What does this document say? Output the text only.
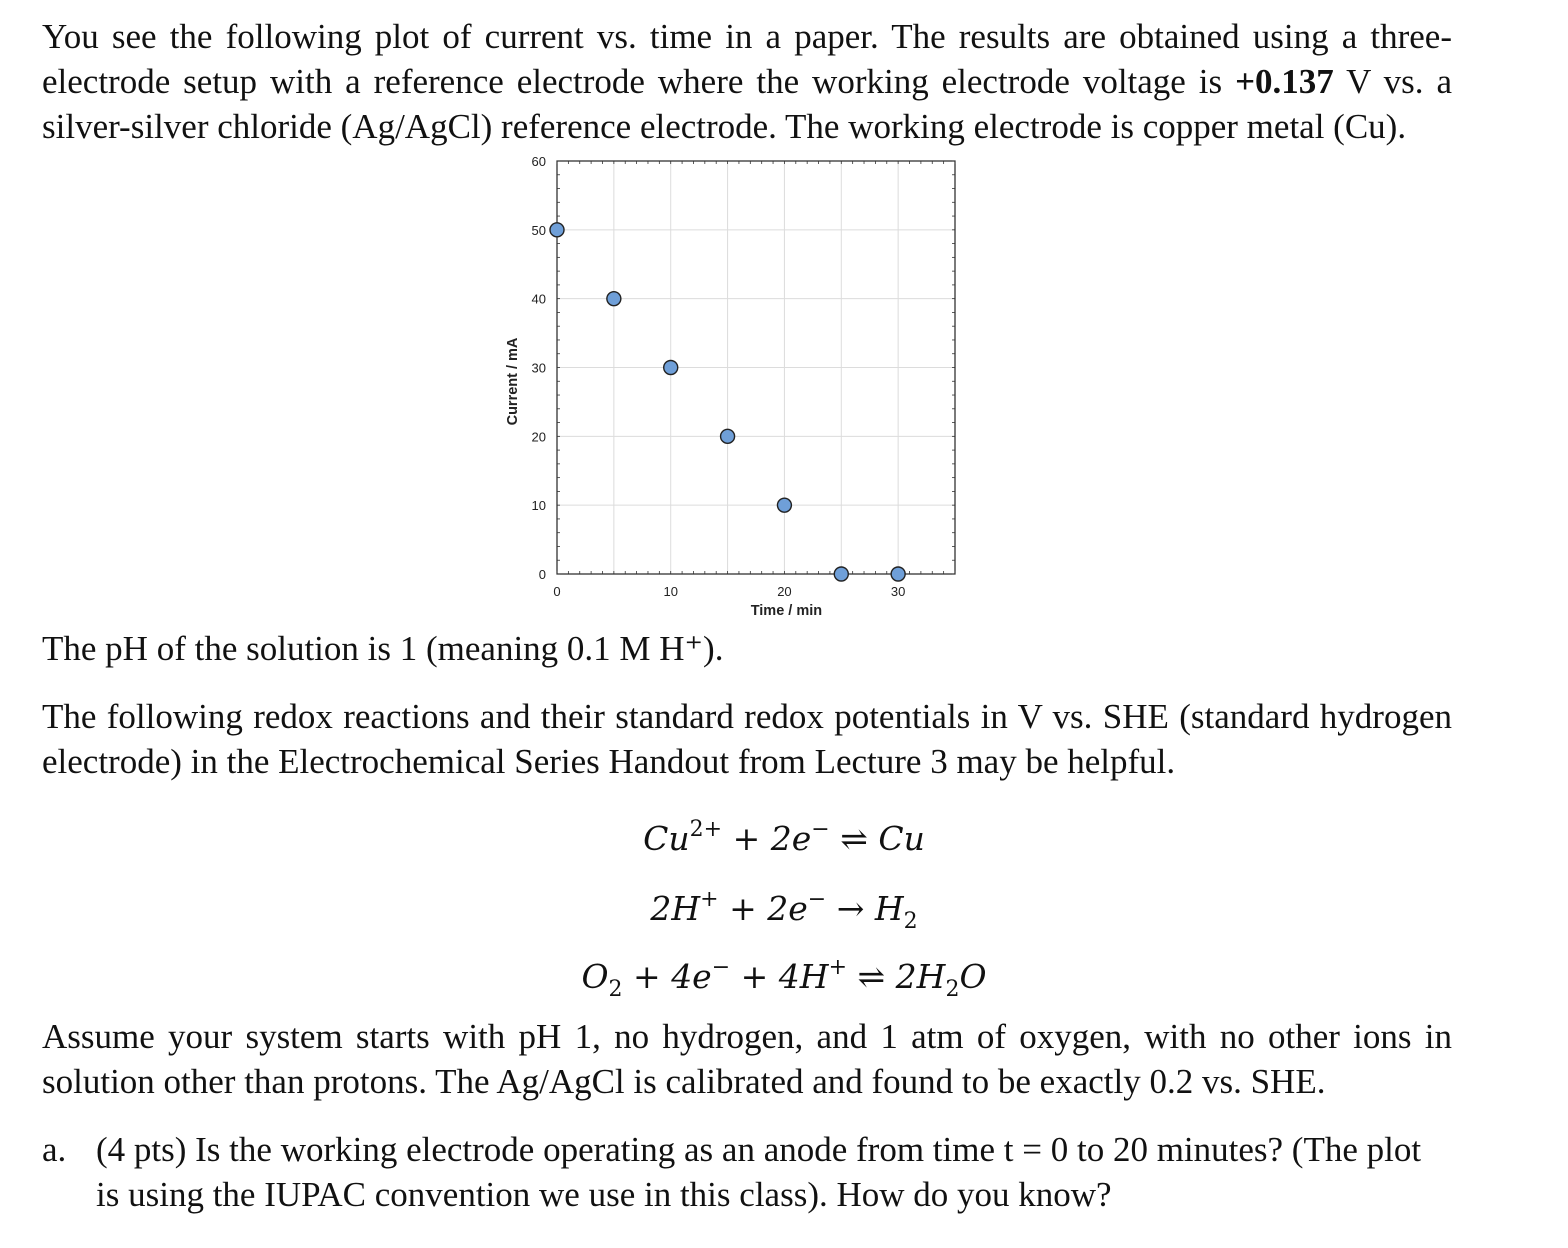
You see the following plot of current vs. time in a paper. The results are obtained using a three-electrode setup with a reference electrode where the working electrode voltage is +0.137 V vs. a silver-silver chloride (Ag/AgCl) reference electrode. The working electrode is copper metal (Cu).

0	10	20	30
0
10
20
30
40
50
60
Time / min
Current / mA

The pH of the solution is 1 (meaning 0.1 M H⁺).

The following redox reactions and their standard redox potentials in V vs. SHE (standard hydrogen electrode) in the Electrochemical Series Handout from Lecture 3 may be helpful.

$Cu^{2+} + 2e^-$ ⇌ Cu
$2H^+ + 2e^- \to H_2$
$O_2 + 4e^- + 4H^+$ ⇌ $2H_2O$

Assume your system starts with pH 1, no hydrogen, and 1 atm of oxygen, with no other ions in solution other than protons. The Ag/AgCl is calibrated and found to be exactly 0.2 vs. SHE.

a. (4 pts) Is the working electrode operating as an anode from time t = 0 to 20 minutes? (The plot is using the IUPAC convention we use in this class). How do you know?
